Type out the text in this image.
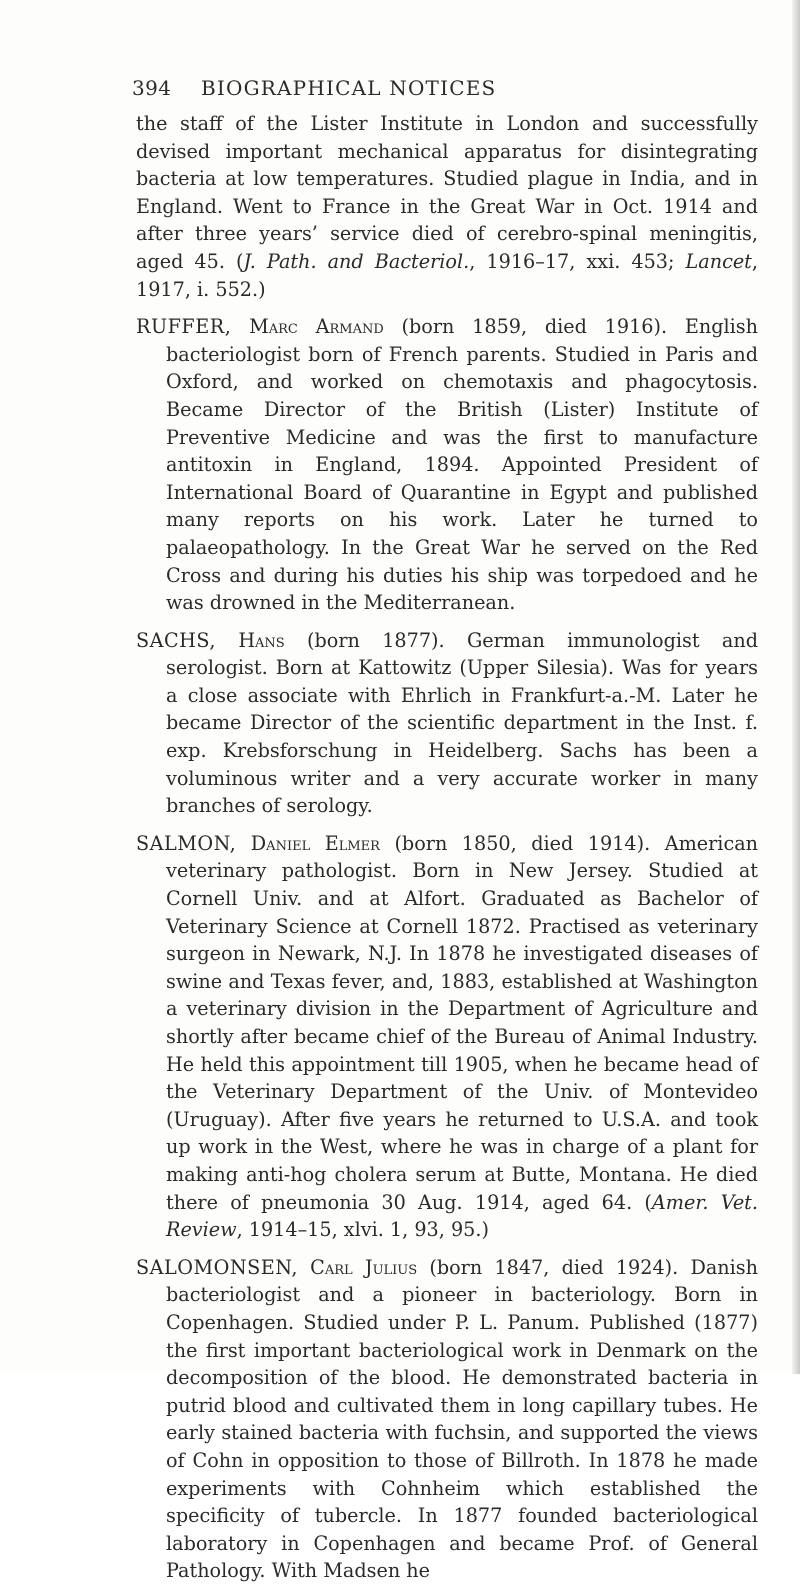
394 BIOGRAPHICAL NOTICES

the staff of the Lister Institute in London and successfully devised important mechanical apparatus for disintegrating bacteria at low temperatures. Studied plague in India, and in England. Went to France in the Great War in Oct. 1914 and after three years’ service died of cerebro-spinal meningitis, aged 45. (J. Path. and Bacteriol., 1916–17, xxi. 453; Lancet, 1917, i. 552.)

RUFFER, Marc Armand (born 1859, died 1916). English bacteriologist born of French parents. Studied in Paris and Oxford, and worked on chemotaxis and phagocytosis. Became Director of the British (Lister) Institute of Preventive Medicine and was the first to manufacture antitoxin in England, 1894. Appointed President of International Board of Quarantine in Egypt and published many reports on his work. Later he turned to palaeopathology. In the Great War he served on the Red Cross and during his duties his ship was torpedoed and he was drowned in the Mediterranean.

SACHS, Hans (born 1877). German immunologist and serologist. Born at Kattowitz (Upper Silesia). Was for years a close associate with Ehrlich in Frankfurt-a.-M. Later he became Director of the scientific department in the Inst. f. exp. Krebsforschung in Heidelberg. Sachs has been a voluminous writer and a very accurate worker in many branches of serology.

SALMON, Daniel Elmer (born 1850, died 1914). American veterinary pathologist. Born in New Jersey. Studied at Cornell Univ. and at Alfort. Graduated as Bachelor of Veterinary Science at Cornell 1872. Practised as veterinary surgeon in Newark, N.J. In 1878 he investigated diseases of swine and Texas fever, and, 1883, established at Washington a veterinary division in the Department of Agriculture and shortly after became chief of the Bureau of Animal Industry. He held this appointment till 1905, when he became head of the Veterinary Department of the Univ. of Montevideo (Uruguay). After five years he returned to U.S.A. and took up work in the West, where he was in charge of a plant for making anti-hog cholera serum at Butte, Montana. He died there of pneumonia 30 Aug. 1914, aged 64. (Amer. Vet. Review, 1914–15, xlvi. 1, 93, 95.)

SALOMONSEN, Carl Julius (born 1847, died 1924). Danish bacteriologist and a pioneer in bacteriology. Born in Copenhagen. Studied under P. L. Panum. Published (1877) the first important bacteriological work in Denmark on the decomposition of the blood. He demonstrated bacteria in putrid blood and cultivated them in long capillary tubes. He early stained bacteria with fuchsin, and supported the views of Cohn in opposition to those of Billroth. In 1878 he made experiments with Cohnheim which established the specificity of tubercle. In 1877 founded bacteriological laboratory in Copenhagen and became Prof. of General Pathology. With Madsen he
